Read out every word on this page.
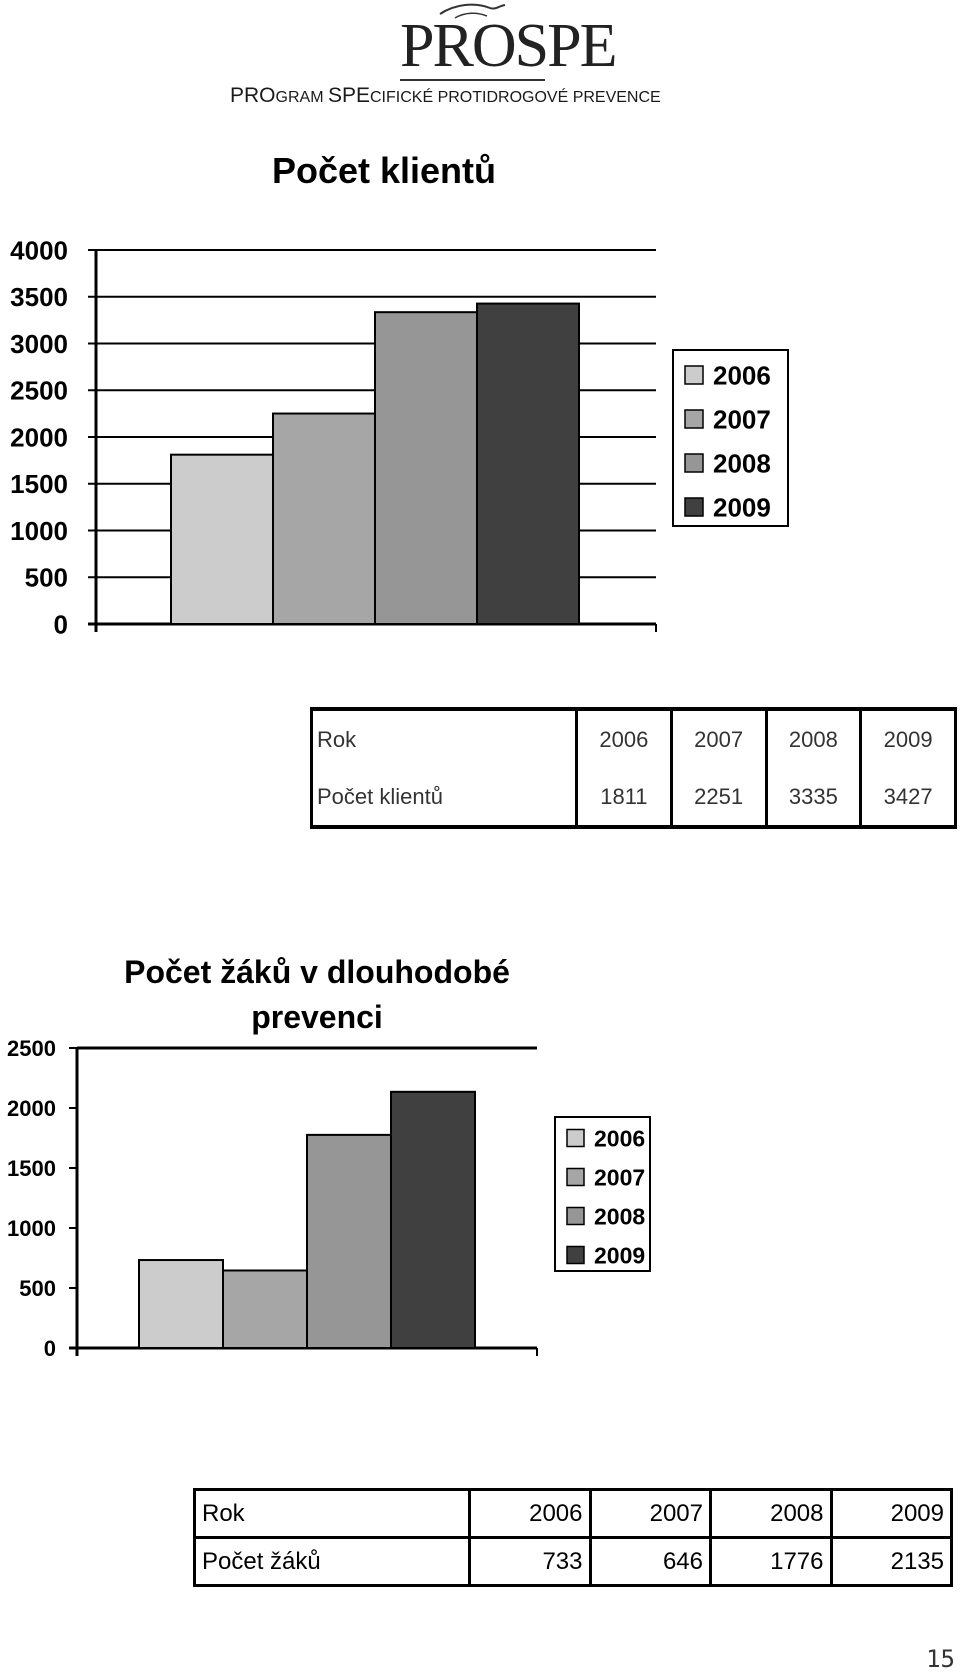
PROSPE
PROGRAM SPECIFICKÉ PROTIDROGOVÉ PREVENCE
Počet klientů
4000
3500
3000
2500
2000
1500
1000
500
0
2006
2007
2008
2009
Rok	2006	2007	2008	2009
Počet klientů	1811	2251	3335	3427
Počet žáků v dlouhodobé
prevenci
2500
2000
1500
1000
500
0
2006
2007
2008
2009
Rok	2006	2007	2008	2009
Počet žáků	733	646	1776	2135
15
